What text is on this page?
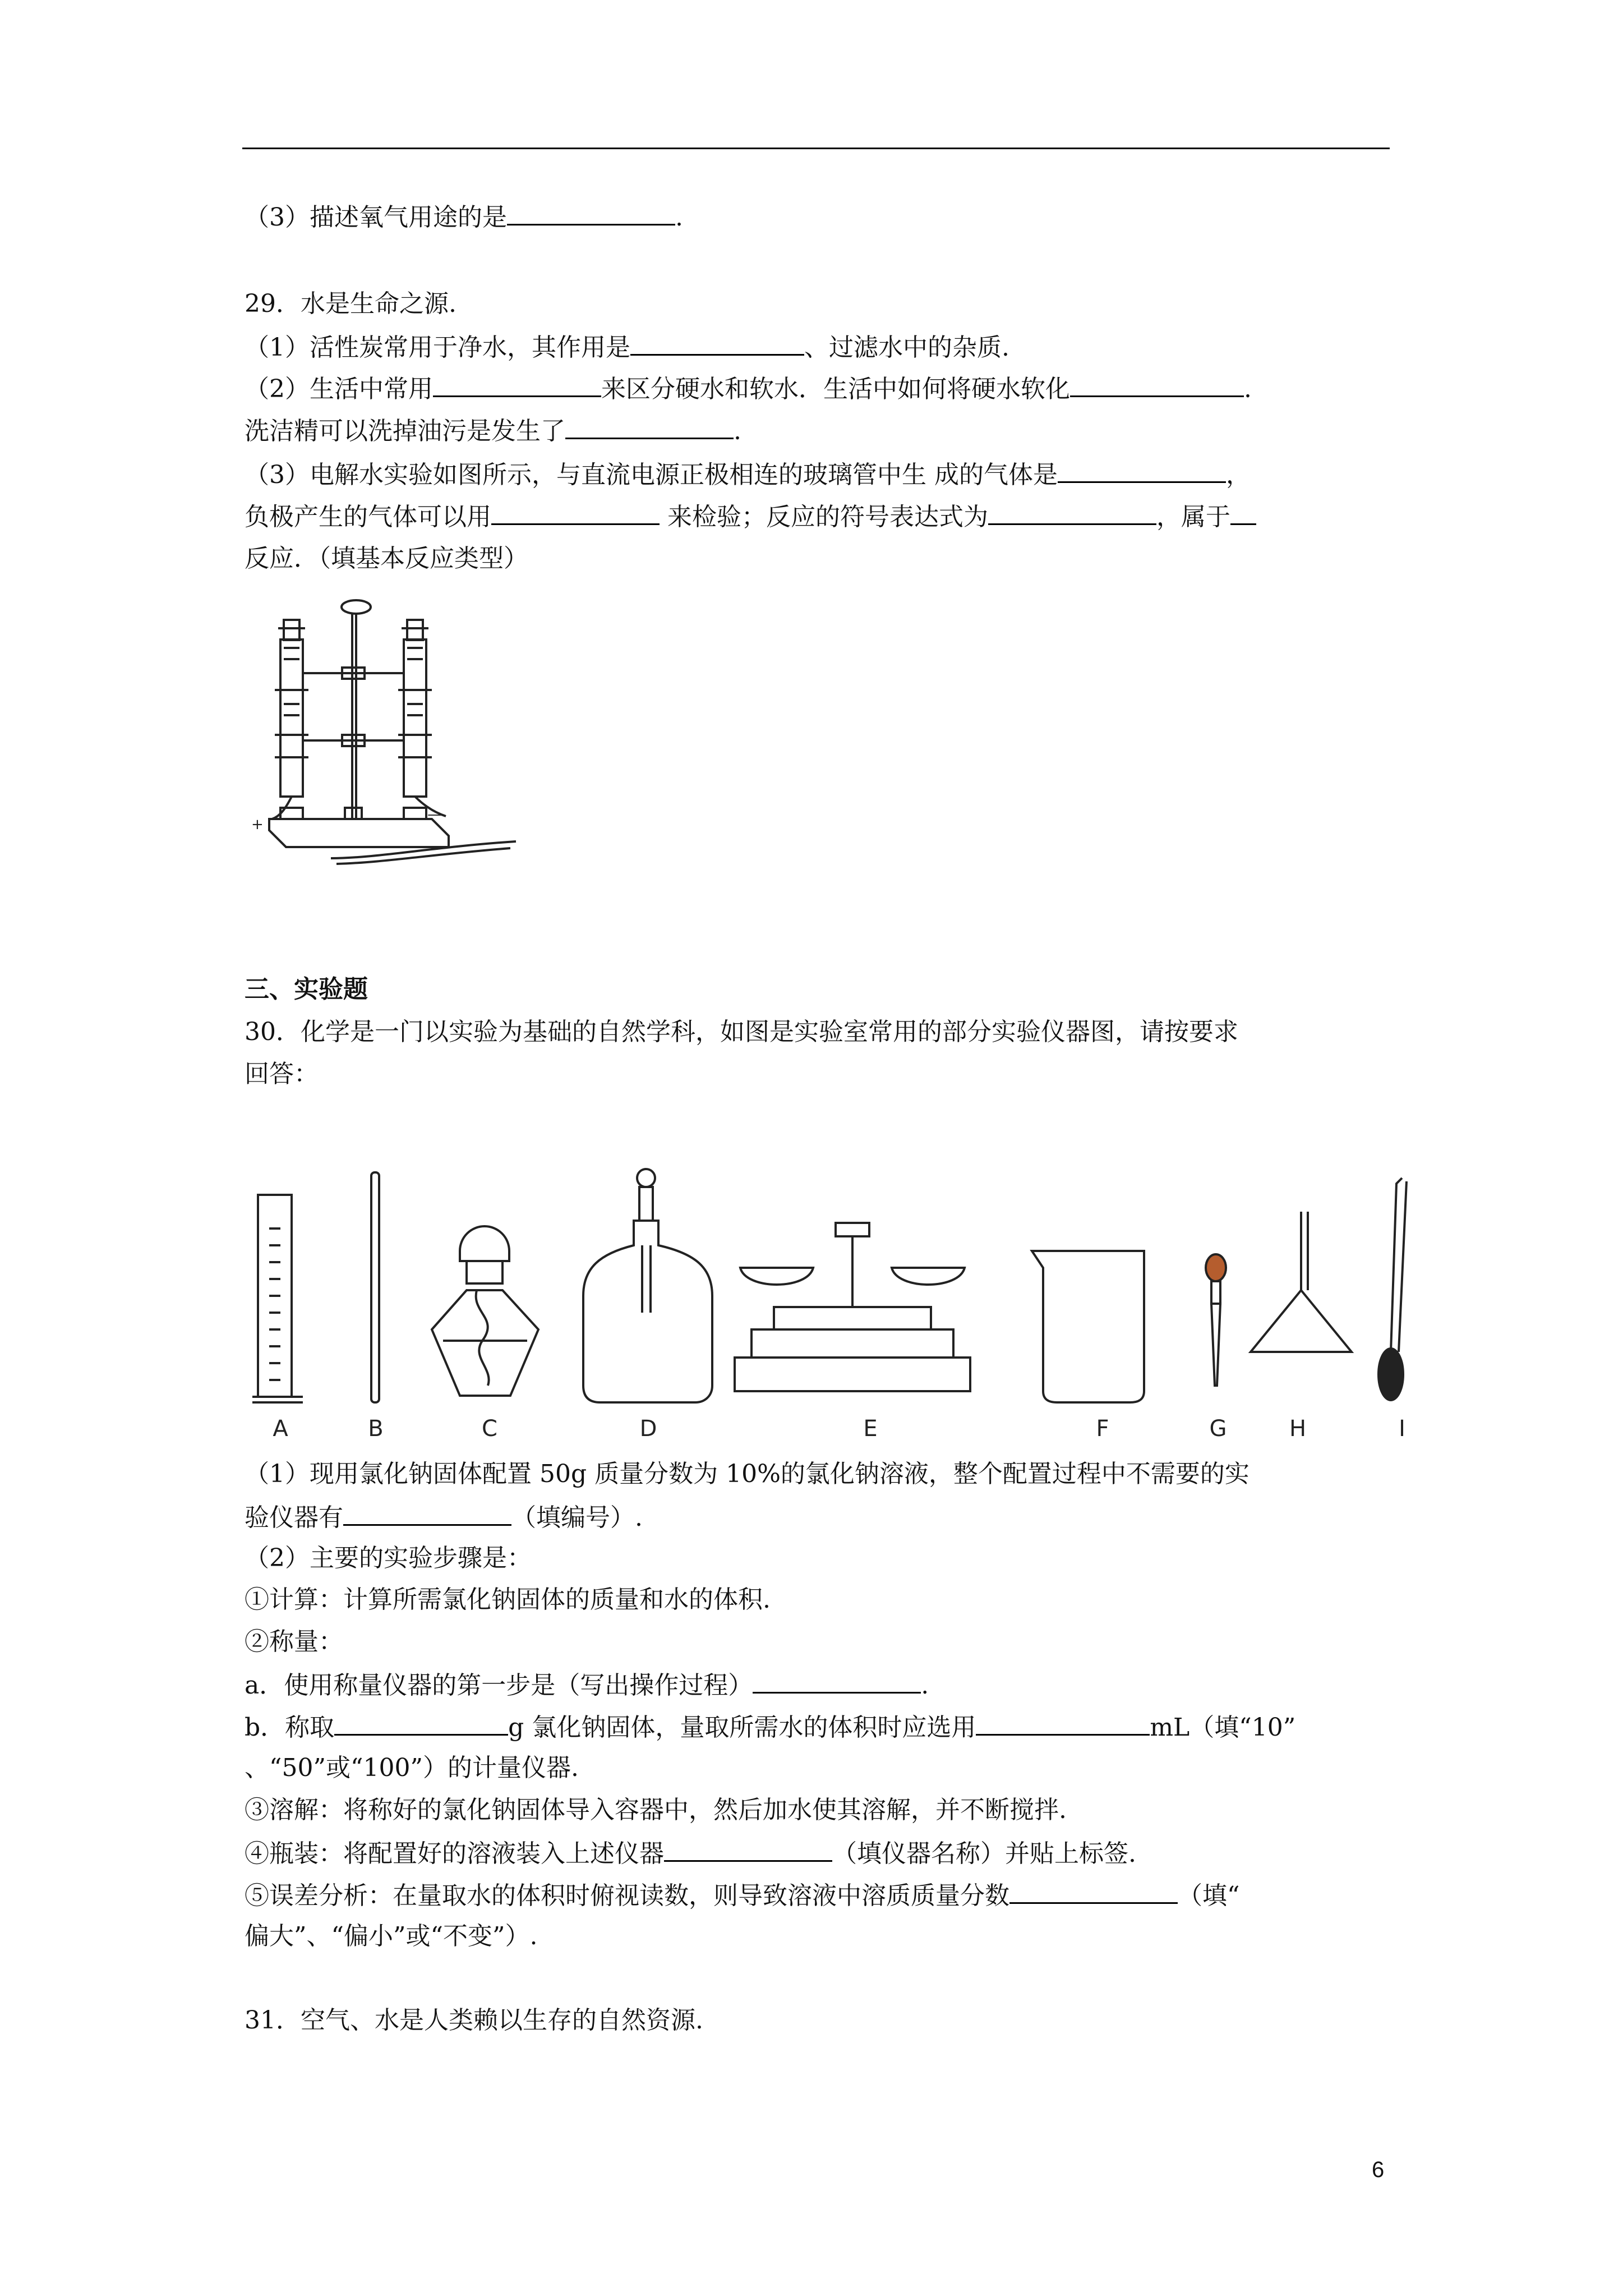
（3）描述氧气用途的是	.
29．水是生命之源.
（1）活性炭常用于净水，其作用是	、过滤水中的杂质.
（2）生活中常用	来区分硬水和软水．生活中如何将硬水软化	.
洗洁精可以洗掉油污是发生了	.
（3）电解水实验如图所示，与直流电源正极相连的玻璃管中生 成的气体是	，
负极产生的气体可以用	来检验；反应的符号表达式为	，属于
反应．（填基本反应类型）
+
—
三、实验题
30．化学是一门以实验为基础的自然学科，如图是实验室常用的部分实验仪器图，请按要求
回答：
A	B	C	D	E	F	G	H	I
（1）现用氯化钠固体配置 50g 质量分数为 10%的氯化钠溶液，整个配置过程中不需要的实
验仪器有	（填编号）.
（2）主要的实验步骤是：
①计算：计算所需氯化钠固体的质量和水的体积.
②称量：
a．使用称量仪器的第一步是（写出操作过程）	.
b．称取	g 氯化钠固体，量取所需水的体积时应选用	mL（填“10”
、“50”或“100”）的计量仪器.
③溶解：将称好的氯化钠固体导入容器中，然后加水使其溶解，并不断搅拌.
④瓶装：将配置好的溶液装入上述仪器	（填仪器名称）并贴上标签.
⑤误差分析：在量取水的体积时俯视读数，则导致溶液中溶质质量分数	（填“
偏大”、“偏小”或“不变”）.
31．空气、水是人类赖以生存的自然资源.
6
